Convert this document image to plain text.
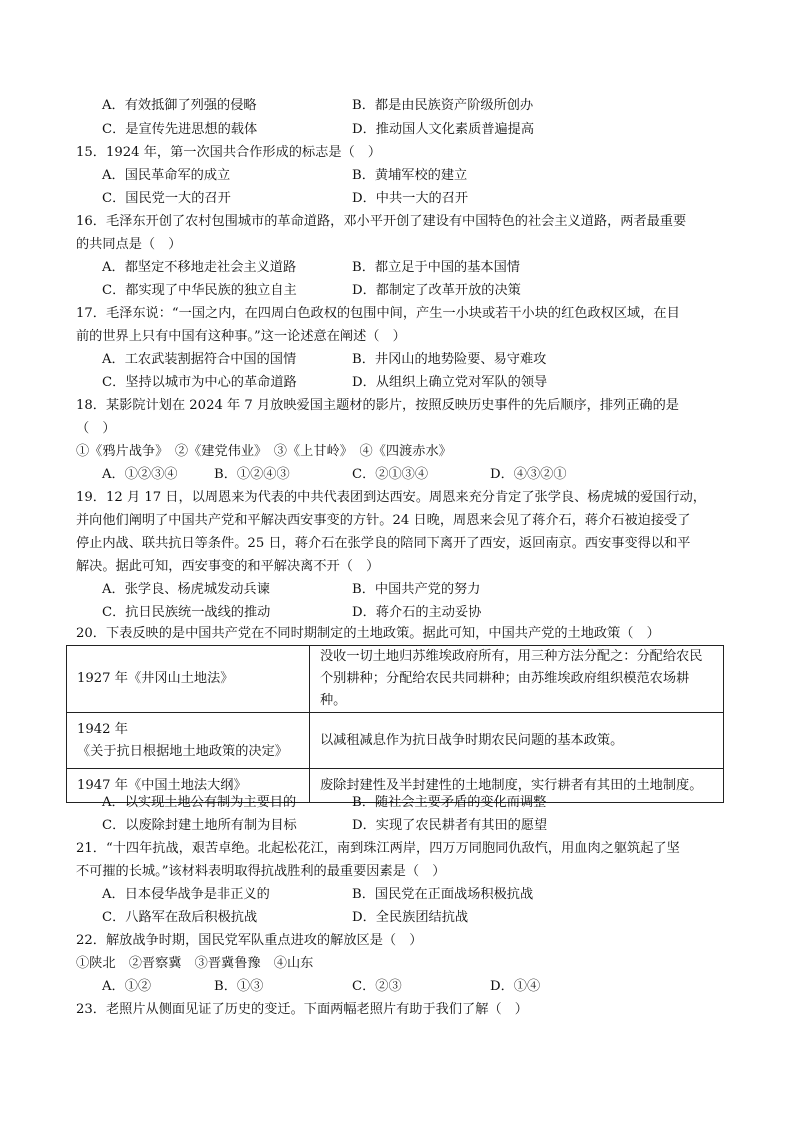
A．有效抵御了列强的侵略	B．都是由民族资产阶级所创办
C．是宣传先进思想的载体	D．推动国人文化素质普遍提高
15．1924 年，第一次国共合作形成的标志是（　）
A．国民革命军的成立	B．黄埔军校的建立
C．国民党一大的召开	D．中共一大的召开
16．毛泽东开创了农村包围城市的革命道路，邓小平开创了建设有中国特色的社会主义道路，两者最重要
的共同点是（　）
A．都坚定不移地走社会主义道路	B．都立足于中国的基本国情
C．都实现了中华民族的独立自主	D．都制定了改革开放的决策
17．毛泽东说：“一国之内，在四周白色政权的包围中间，产生一小块或若干小块的红色政权区域，在目
前的世界上只有中国有这种事。”这一论述意在阐述（　）
A．工农武装割据符合中国的国情	B．井冈山的地势险要、易守难攻
C．坚持以城市为中心的革命道路	D．从组织上确立党对军队的领导
18．某影院计划在 2024 年 7 月放映爱国主题材的影片，按照反映历史事件的先后顺序，排列正确的是
（　）
①《鸦片战争》　②《建党伟业》　③《上甘岭》　④《四渡赤水》
A．①②③④	B．①②④③	C．②①③④	D．④③②①
19．12 月 17 日，以周恩来为代表的中共代表团到达西安。周恩来充分肯定了张学良、杨虎城的爱国行动，
并向他们阐明了中国共产党和平解决西安事变的方针。24 日晚，周恩来会见了蒋介石，蒋介石被迫接受了
停止内战、联共抗日等条件。25 日，蒋介石在张学良的陪同下离开了西安，返回南京。西安事变得以和平
解决。据此可知，西安事变的和平解决离不开（　）
A．张学良、杨虎城发动兵谏	B．中国共产党的努力
C．抗日民族统一战线的推动	D．蒋介石的主动妥协
20．下表反映的是中国共产党在不同时期制定的土地政策。据此可知，中国共产党的土地政策（　）
1927 年《井冈山土地法》	没收一切土地归苏维埃政府所有，用三种方法分配之：分配给农民
个别耕种；分配给农民共同耕种；由苏维埃政府组织模范农场耕种。

1942 年
《关于抗日根据地土地政策的决定》	以减租减息作为抗日战争时期农民问题的基本政策。

1947 年《中国土地法大纲》	废除封建性及半封建性的土地制度，实行耕者有其田的土地制度。
A．以实现土地公有制为主要目的	B．随社会主要矛盾的变化而调整
C．以废除封建土地所有制为目标	D．实现了农民耕者有其田的愿望
21．“十四年抗战，艰苦卓绝。北起松花江，南到珠江两岸，四万万同胞同仇敌忾，用血肉之躯筑起了坚
不可摧的长城。”该材料表明取得抗战胜利的最重要因素是（　）
A．日本侵华战争是非正义的	B．国民党在正面战场积极抗战
C．八路军在敌后积极抗战	D．全民族团结抗战
22．解放战争时期，国民党军队重点进攻的解放区是（　）
①陕北　②晋察冀　③晋冀鲁豫　④山东
A．①②	B．①③	C．②③	D．①④
23．老照片从侧面见证了历史的变迁。下面两幅老照片有助于我们了解（　）
